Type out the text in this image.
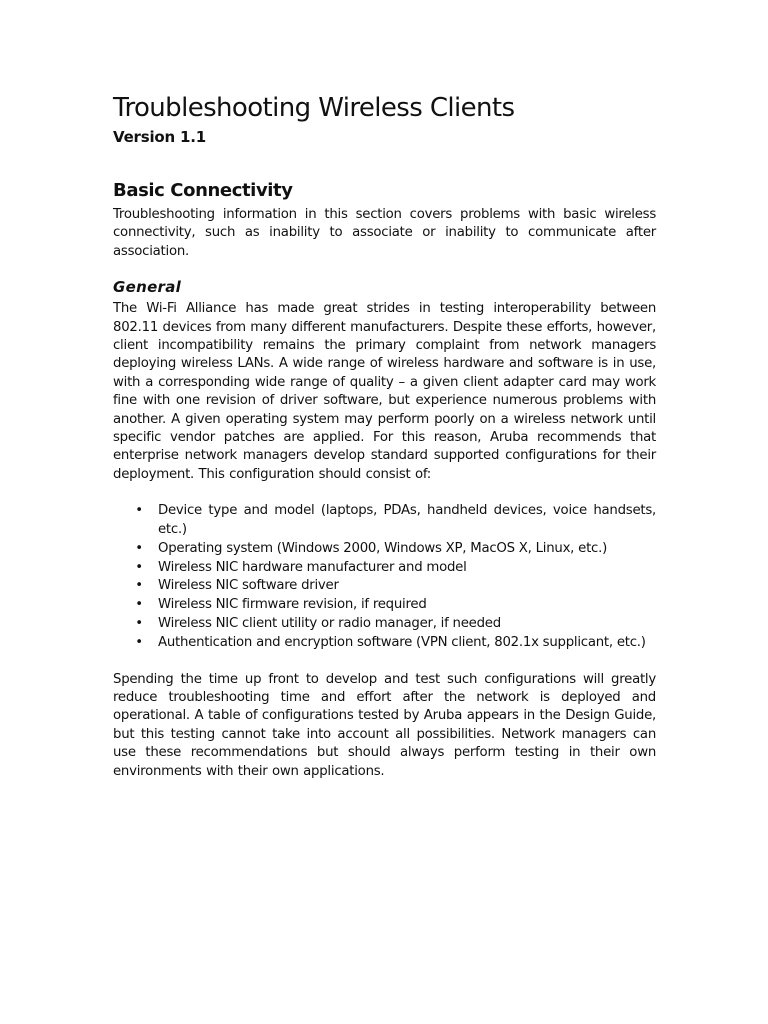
Troubleshooting Wireless Clients
Version 1.1
Basic Connectivity

Troubleshooting information in this section covers problems with basic wireless connectivity, such as inability to associate or inability to communicate after association.

General

The Wi-Fi Alliance has made great strides in testing interoperability between 802.11 devices from many different manufacturers. Despite these efforts, however, client incompatibility remains the primary complaint from network managers deploying wireless LANs. A wide range of wireless hardware and software is in use, with a corresponding wide range of quality – a given client adapter card may work fine with one revision of driver software, but experience numerous problems with another. A given operating system may perform poorly on a wireless network until specific vendor patches are applied. For this reason, Aruba recommends that enterprise network managers develop standard supported configurations for their deployment. This configuration should consist of:

• Device type and model (laptops, PDAs, handheld devices, voice handsets, etc.)
• Operating system (Windows 2000, Windows XP, MacOS X, Linux, etc.)
• Wireless NIC hardware manufacturer and model
• Wireless NIC software driver
• Wireless NIC firmware revision, if required
• Wireless NIC client utility or radio manager, if needed
• Authentication and encryption software (VPN client, 802.1x supplicant, etc.)

Spending the time up front to develop and test such configurations will greatly reduce troubleshooting time and effort after the network is deployed and operational. A table of configurations tested by Aruba appears in the Design Guide, but this testing cannot take into account all possibilities. Network managers can use these recommendations but should always perform testing in their own environments with their own applications.
